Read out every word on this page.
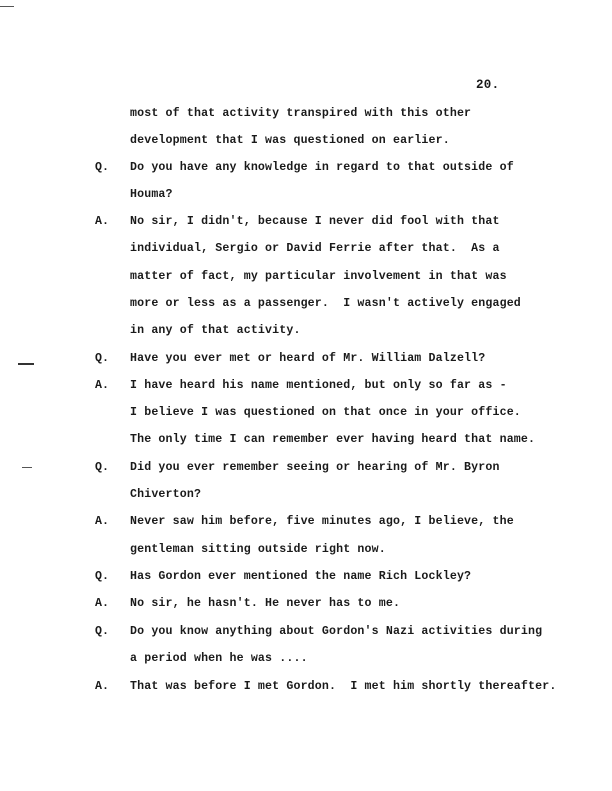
20.
most of that activity transpired with this other
development that I was questioned on earlier.
Q. Do you have any knowledge in regard to that outside of
Houma?
A. No sir, I didn't, because I never did fool with that
individual, Sergio or David Ferrie after that.  As a
matter of fact, my particular involvement in that was
more or less as a passenger.  I wasn't actively engaged
in any of that activity.
Q. Have you ever met or heard of Mr. William Dalzell?
A. I have heard his name mentioned, but only so far as -
I believe I was questioned on that once in your office.
The only time I can remember ever having heard that name.
Q. Did you ever remember seeing or hearing of Mr. Byron
Chiverton?
A. Never saw him before, five minutes ago, I believe, the
gentleman sitting outside right now.
Q. Has Gordon ever mentioned the name Rich Lockley?
A. No sir, he hasn't. He never has to me.
Q. Do you know anything about Gordon's Nazi activities during
a period when he was ....
A. That was before I met Gordon.  I met him shortly thereafter.
